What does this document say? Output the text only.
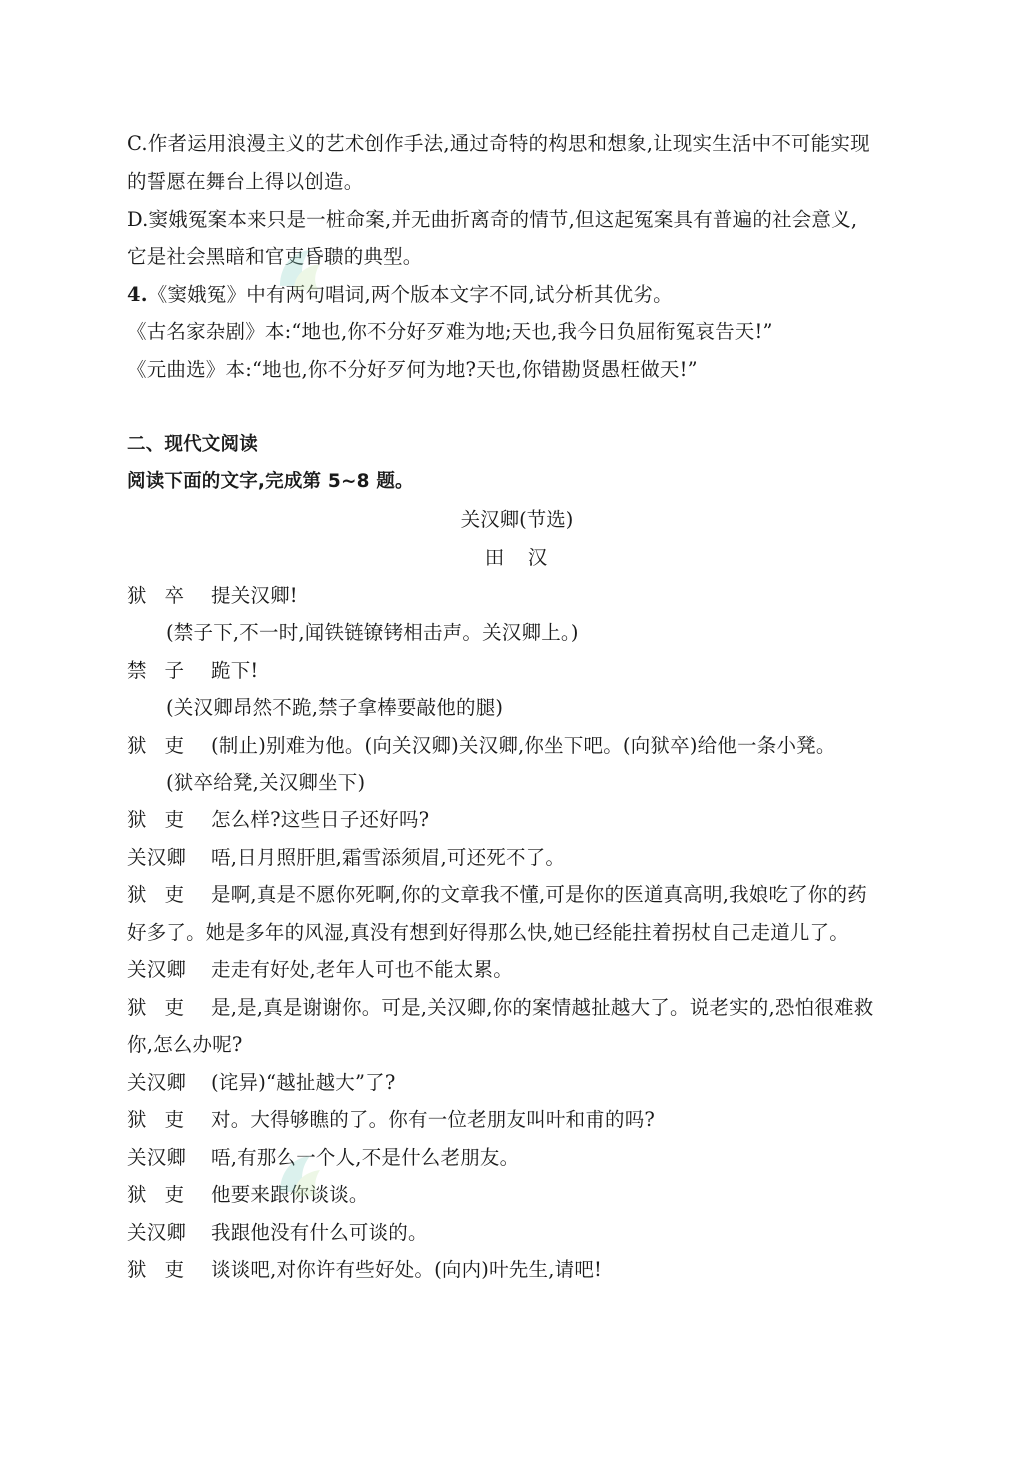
C.作者运用浪漫主义的艺术创作手法,通过奇特的构思和想象,让现实生活中不可能实现
的誓愿在舞台上得以创造。
D.窦娥冤案本来只是一桩命案,并无曲折离奇的情节,但这起冤案具有普遍的社会意义,
它是社会黑暗和官吏昏聩的典型。
4.《窦娥冤》中有两句唱词,两个版本文字不同,试分析其优劣。
《古名家杂剧》本:“地也,你不分好歹难为地;天也,我今日负屈衔冤哀告天!”
《元曲选》本:“地也,你不分好歹何为地?天也,你错勘贤愚枉做天!”
二、现代文阅读
阅读下面的文字,完成第 5~8 题。
关汉卿(节选)
田　汉
狱卒 提关汉卿!
(禁子下,不一时,闻铁链镣铐相击声。关汉卿上。)
禁子 跪下!
(关汉卿昂然不跪,禁子拿棒要敲他的腿)
狱吏 (制止)别难为他。(向关汉卿)关汉卿,你坐下吧。(向狱卒)给他一条小凳。
(狱卒给凳,关汉卿坐下)
狱吏 怎么样?这些日子还好吗?
关汉卿 唔,日月照肝胆,霜雪添须眉,可还死不了。
狱吏 是啊,真是不愿你死啊,你的文章我不懂,可是你的医道真高明,我娘吃了你的药
好多了。她是多年的风湿,真没有想到好得那么快,她已经能拄着拐杖自己走道儿了。
关汉卿 走走有好处,老年人可也不能太累。
狱吏 是,是,真是谢谢你。可是,关汉卿,你的案情越扯越大了。说老实的,恐怕很难救
你,怎么办呢?
关汉卿 (诧异)“越扯越大”了?
狱吏 对。大得够瞧的了。你有一位老朋友叫叶和甫的吗?
关汉卿 唔,有那么一个人,不是什么老朋友。
狱吏 他要来跟你谈谈。
关汉卿 我跟他没有什么可谈的。
狱吏 谈谈吧,对你许有些好处。(向内)叶先生,请吧!
